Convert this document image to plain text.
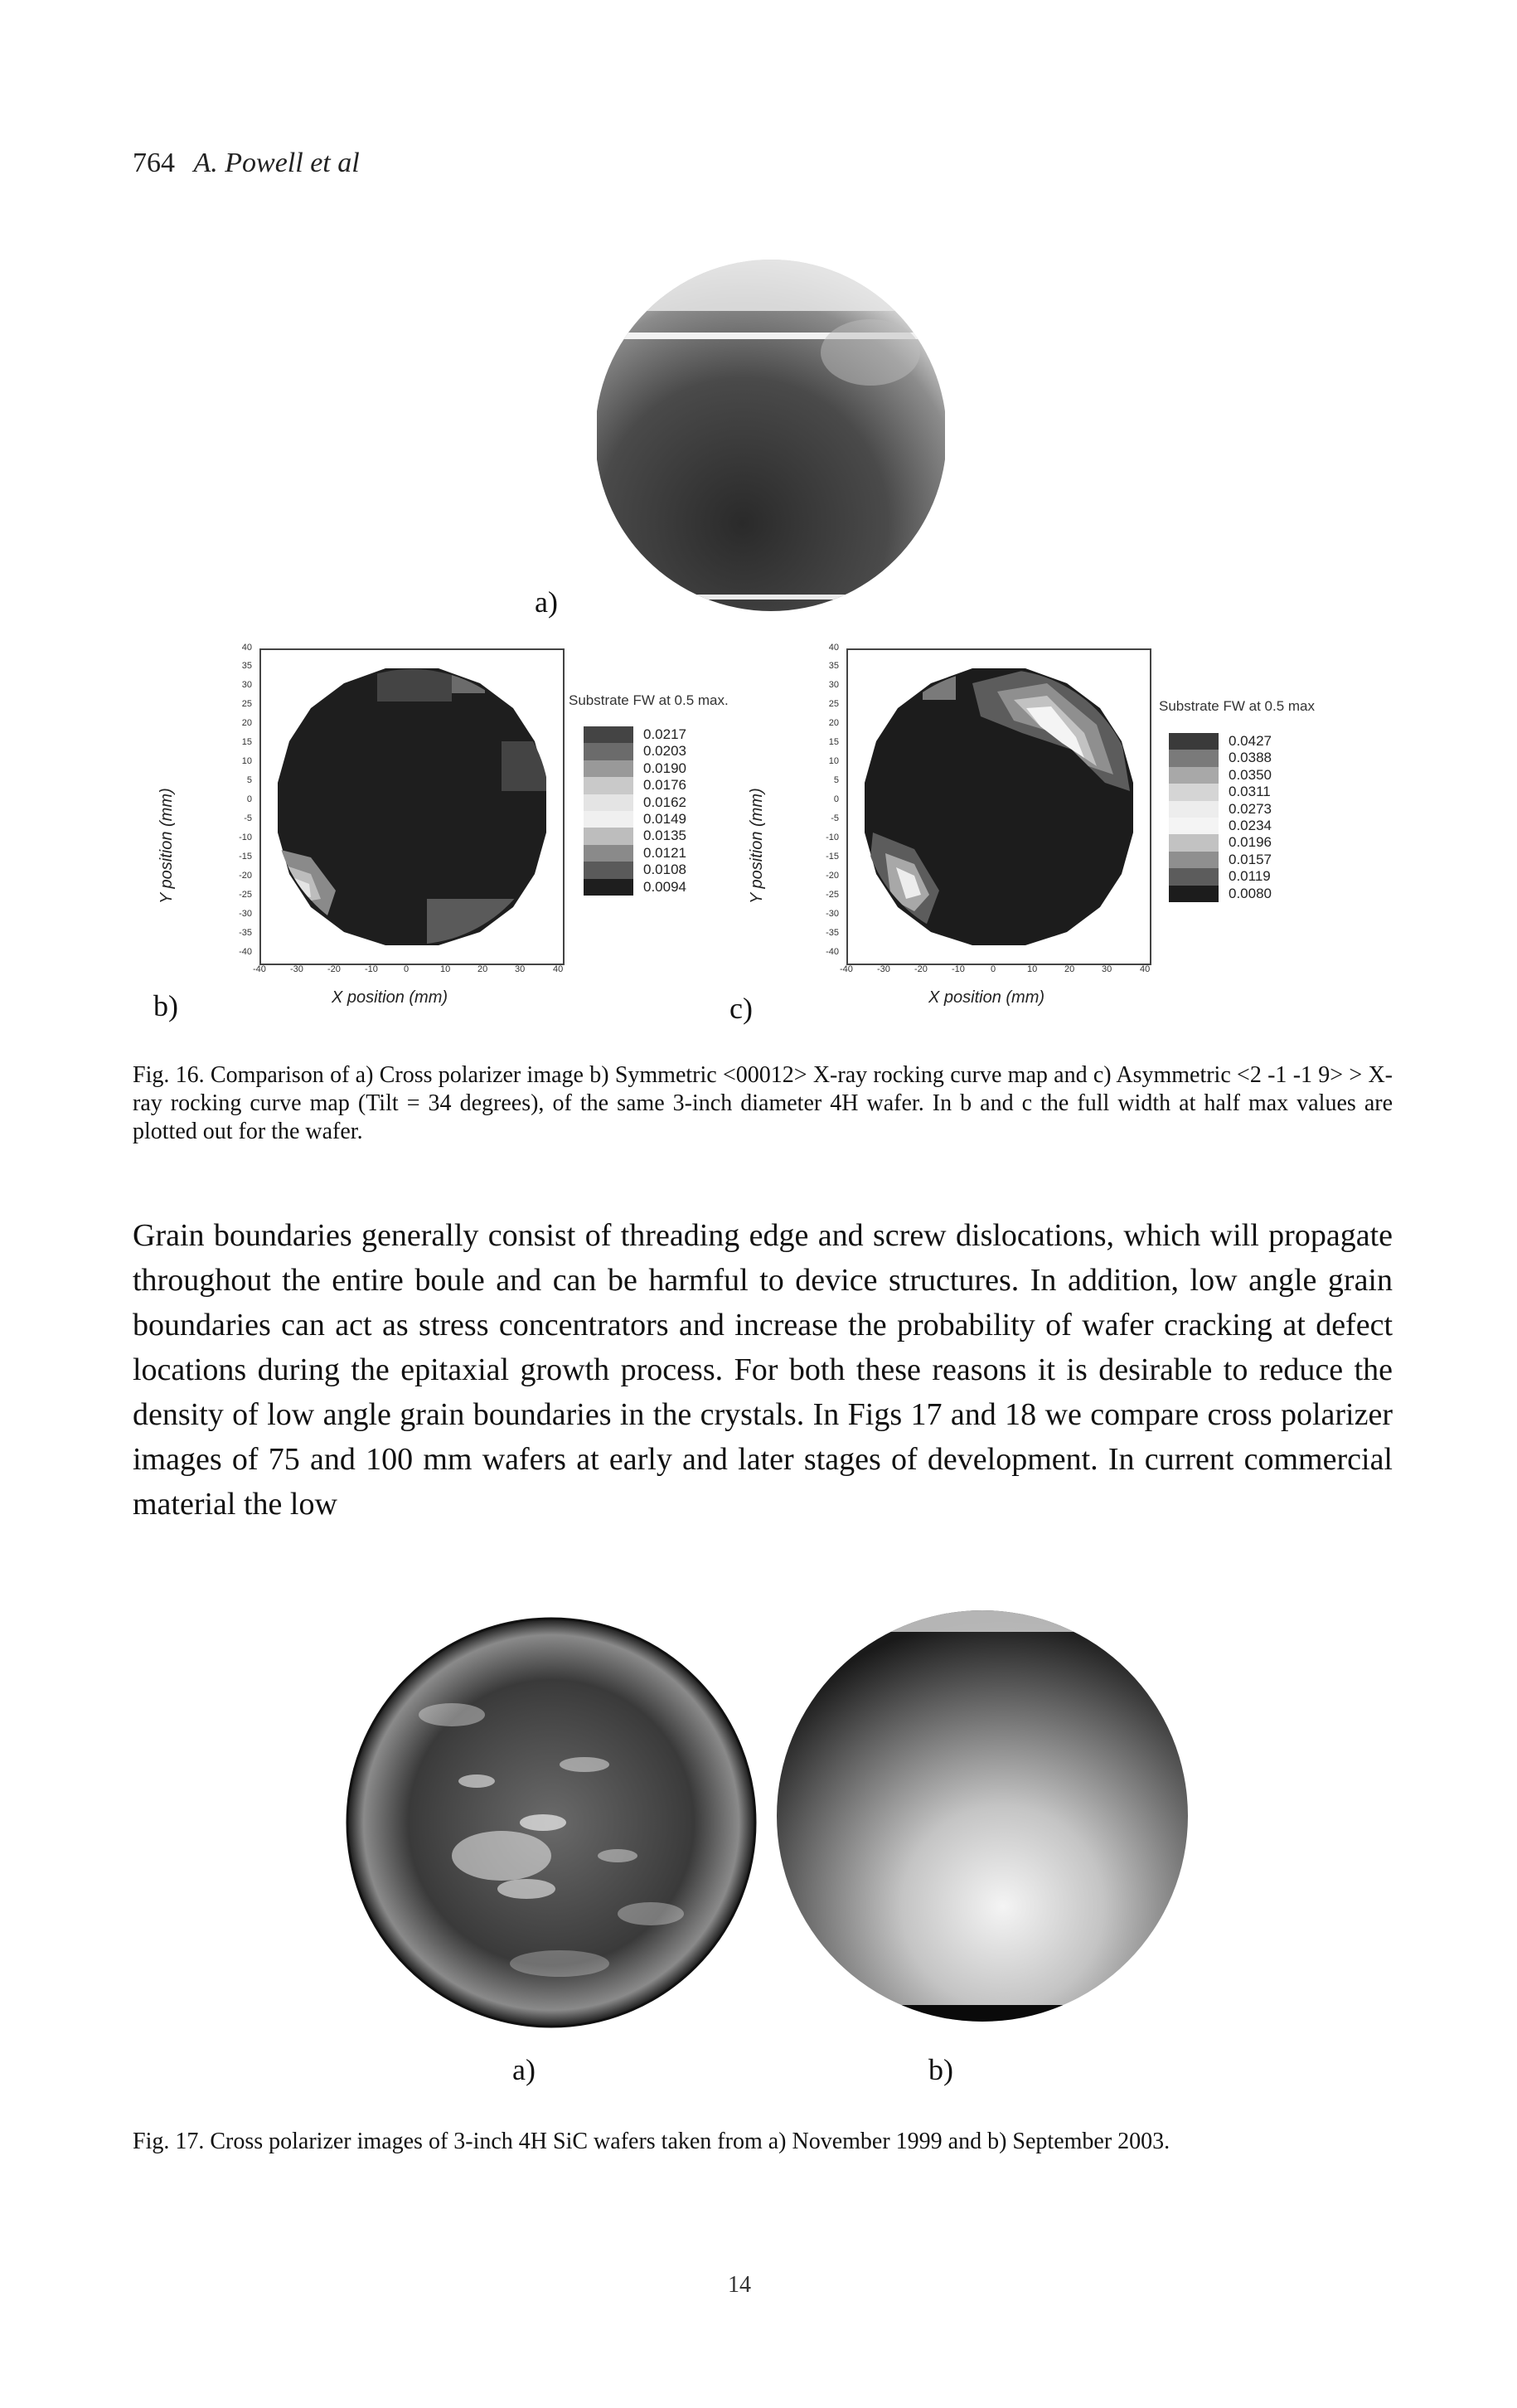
764 A. Powell et al
a)
Y position (mm)
40
35
30
25
20
15
10
5
0
-5
-10
-15
-20
-25
-30
-35
-40
-40	-30	-20	-10	0	10	20	30	40
X position (mm)
b)
Substrate FW at 0.5 max.
0.0217
0.0203
0.0190
0.0176
0.0162
0.0149
0.0135
0.0121
0.0108
0.0094	Y position (mm)
40
35
30
25
20
15
10
5
0
-5
-10
-15
-20
-25
-30
-35
-40
-40	-30	-20	-10	0	10	20	30	40
X position (mm)
c)
Substrate FW at 0.5 max
0.0427
0.0388
0.0350
0.0311
0.0273
0.0234
0.0196
0.0157
0.0119
0.0080
Fig. 16. Comparison of a) Cross polarizer image b) Symmetric <00012> X-ray rocking curve map and c) Asymmetric <2 -1 -1 9> > X-ray rocking curve map (Tilt = 34 degrees), of the same 3-inch diameter 4H wafer. In b and c the full width at half max values are plotted out for the wafer.
Grain boundaries generally consist of threading edge and screw dislocations, which will propagate throughout the entire boule and can be harmful to device structures. In addition, low angle grain boundaries can act as stress concentrators and increase the probability of wafer cracking at defect locations during the epitaxial growth process. For both these reasons it is desirable to reduce the density of low angle grain boundaries in the crystals. In Figs 17 and 18 we compare cross polarizer images of 75 and 100 mm wafers at early and later stages of development. In current commercial material the low
a)	b)
Fig. 17. Cross polarizer images of 3-inch 4H SiC wafers taken from a) November 1999 and b) September 2003.
14
